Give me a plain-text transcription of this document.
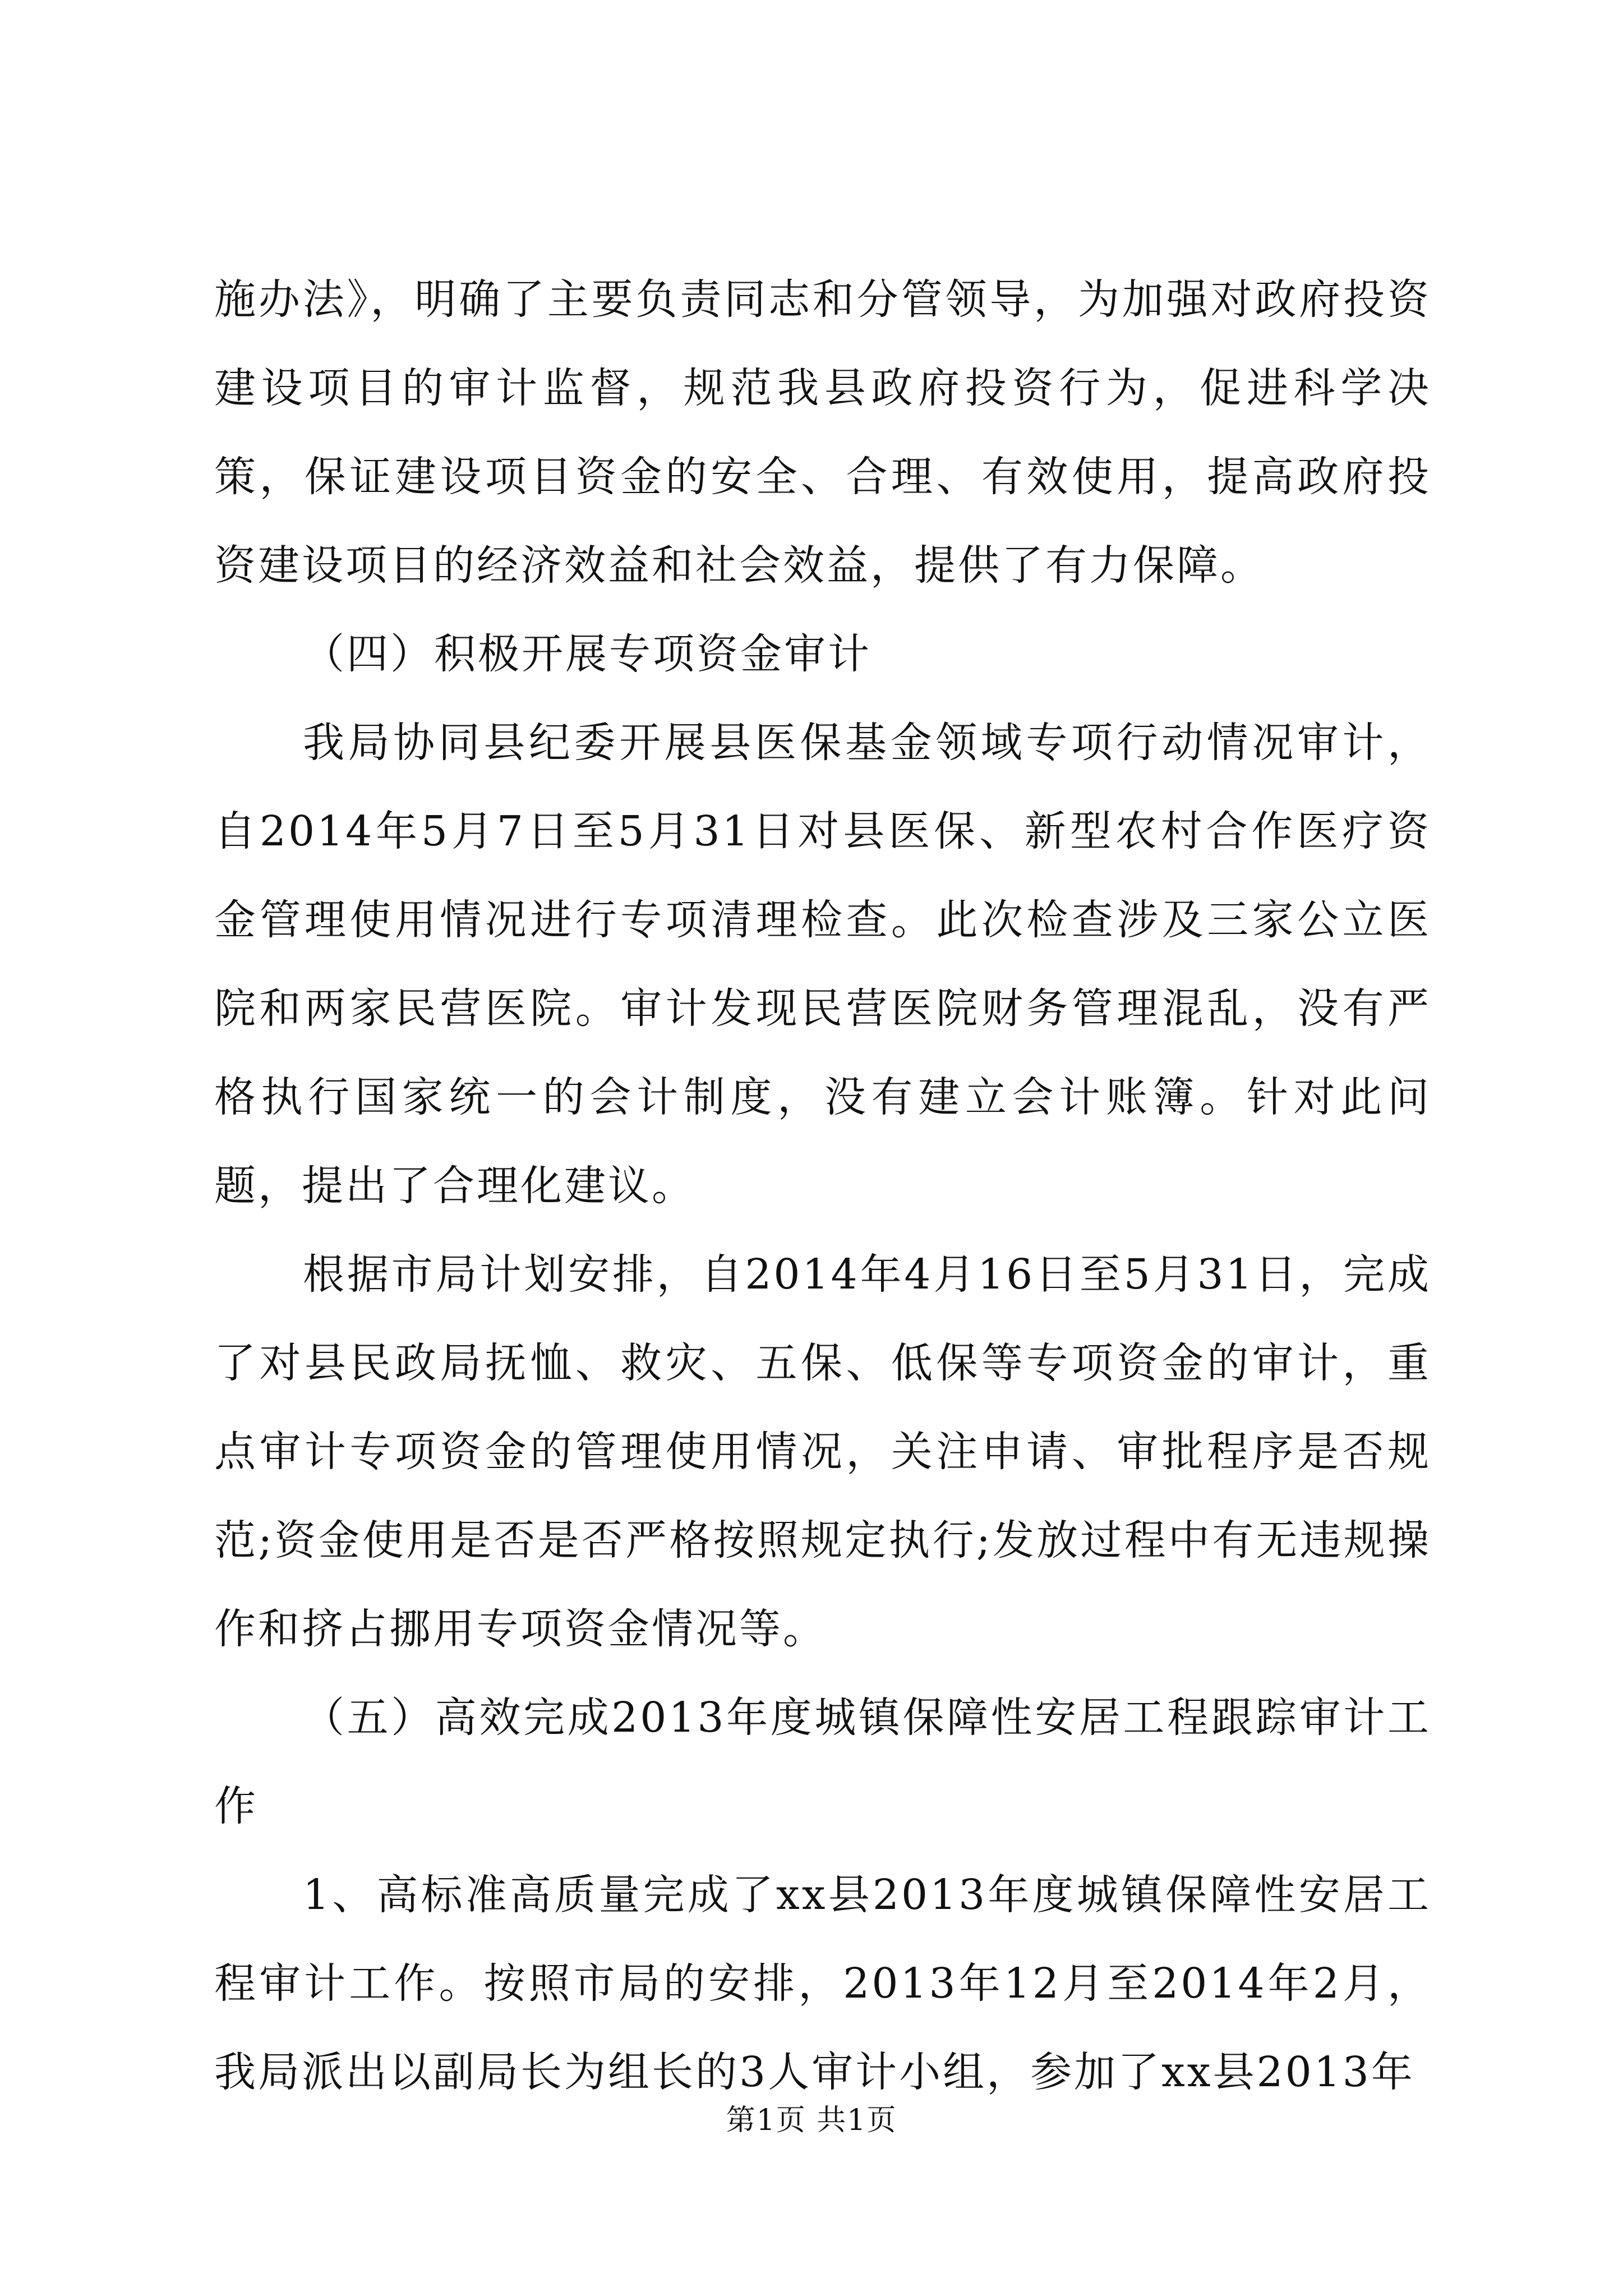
施办法》，明确了主要负责同志和分管领导，为加强对政府投资建设项目的审计监督，规范我县政府投资行为，促进科学决策，保证建设项目资金的安全、合理、有效使用，提高政府投资建设项目的经济效益和社会效益，提供了有力保障。

（四）积极开展专项资金审计

我局协同县纪委开展县医保基金领域专项行动情况审计，自2014年5月7日至5月31日对县医保、新型农村合作医疗资金管理使用情况进行专项清理检查。此次检查涉及三家公立医院和两家民营医院。审计发现民营医院财务管理混乱，没有严格执行国家统一的会计制度，没有建立会计账簿。针对此问题，提出了合理化建议。

根据市局计划安排，自2014年4月16日至5月31日，完成了对县民政局抚恤、救灾、五保、低保等专项资金的审计，重点审计专项资金的管理使用情况，关注申请、审批程序是否规范;资金使用是否是否严格按照规定执行;发放过程中有无违规操作和挤占挪用专项资金情况等。

（五）高效完成2013年度城镇保障性安居工程跟踪审计工作

1、高标准高质量完成了xx县2013年度城镇保障性安居工程审计工作。按照市局的安排，2013年12月至2014年2月，我局派出以副局长为组长的3人审计小组，参加了xx县2013年

第1页 共1页
